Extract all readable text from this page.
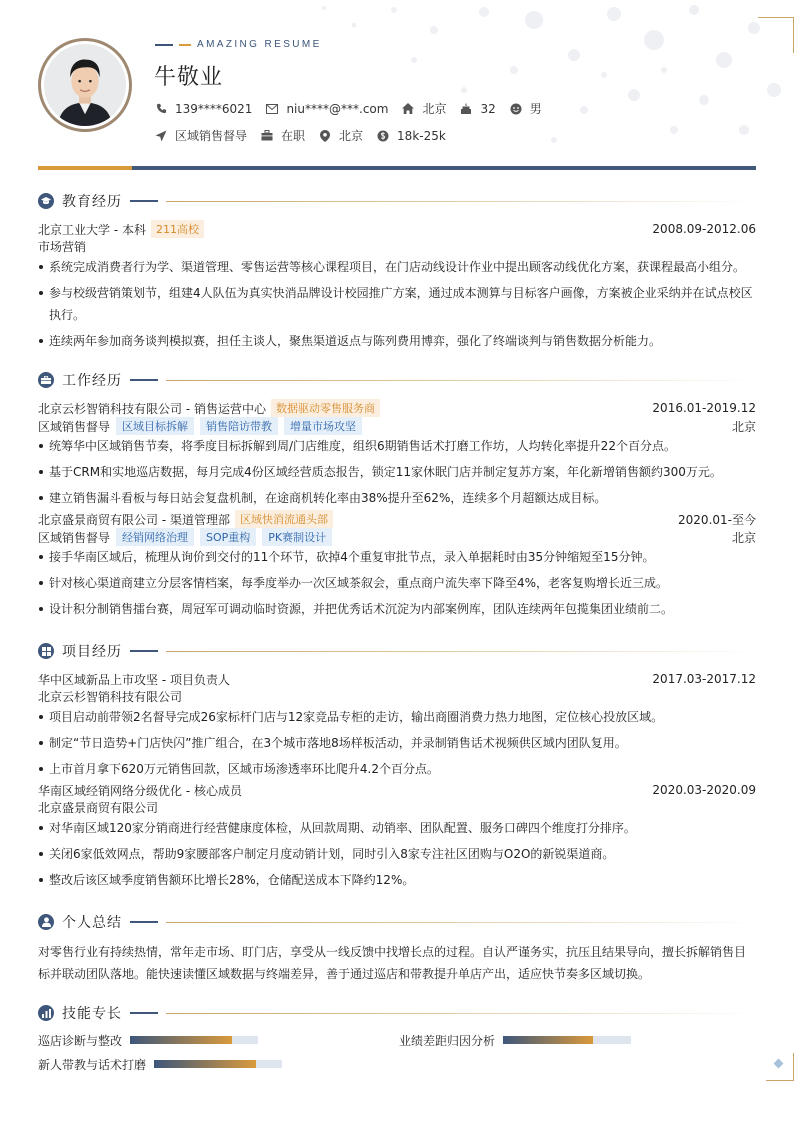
AMAZING RESUME
牛敬业
139****6021	niu****@***.com	北京	32	男
区域销售督导	在职	北京	18k-25k
教育经历
北京工业大学 - 本科 211高校	2008.09-2012.06
市场营销
系统完成消费者行为学、渠道管理、零售运营等核心课程项目，在门店动线设计作业中提出顾客动线优化方案，获课程最高小组分。
参与校级营销策划节，组建4人队伍为真实快消品牌设计校园推广方案，通过成本测算与目标客户画像，方案被企业采纳并在试点校区执行。
连续两年参加商务谈判模拟赛，担任主谈人，聚焦渠道返点与陈列费用博弈，强化了终端谈判与销售数据分析能力。
工作经历
北京云杉智销科技有限公司 - 销售运营中心 数据驱动零售服务商	2016.01-2019.12
区域销售督导	区域目标拆解	销售陪访带教	增量市场攻坚	北京
统筹华中区域销售节奏，将季度目标拆解到周/门店维度，组织6期销售话术打磨工作坊，人均转化率提升22个百分点。
基于CRM和实地巡店数据，每月完成4份区域经营质态报告，锁定11家休眠门店并制定复苏方案，年化新增销售额约300万元。
建立销售漏斗看板与每日站会复盘机制，在途商机转化率由38%提升至62%，连续多个月超额达成目标。
北京盛景商贸有限公司 - 渠道管理部 区域快消流通头部	2020.01-至今
区域销售督导	经销网络治理	SOP重构	PK赛制设计	北京
接手华南区域后，梳理从询价到交付的11个环节，砍掉4个重复审批节点，录入单据耗时由35分钟缩短至15分钟。
针对核心渠道商建立分层客情档案，每季度举办一次区域茶叙会，重点商户流失率下降至4%，老客复购增长近三成。
设计积分制销售擂台赛，周冠军可调动临时资源，并把优秀话术沉淀为内部案例库，团队连续两年包揽集团业绩前二。
项目经历
华中区域新品上市攻坚 - 项目负责人	2017.03-2017.12
北京云杉智销科技有限公司
项目启动前带领2名督导完成26家标杆门店与12家竞品专柜的走访，输出商圈消费力热力地图，定位核心投放区域。
制定“节日造势+门店快闪”推广组合，在3个城市落地8场样板活动，并录制销售话术视频供区域内团队复用。
上市首月拿下620万元销售回款，区域市场渗透率环比爬升4.2个百分点。
华南区域经销网络分级优化 - 核心成员	2020.03-2020.09
北京盛景商贸有限公司
对华南区域120家分销商进行经营健康度体检，从回款周期、动销率、团队配置、服务口碑四个维度打分排序。
关闭6家低效网点，帮助9家腰部客户制定月度动销计划，同时引入8家专注社区团购与O2O的新锐渠道商。
整改后该区域季度销售额环比增长28%，仓储配送成本下降约12%。
个人总结
对零售行业有持续热情，常年走市场、盯门店，享受从一线反馈中找增长点的过程。自认严谨务实，抗压且结果导向，擅长拆解销售目标并联动团队落地。能快速读懂区域数据与终端差异，善于通过巡店和带教提升单店产出，适应快节奏多区域切换。
技能专长
巡店诊断与整改	业绩差距归因分析
新人带教与话术打磨
